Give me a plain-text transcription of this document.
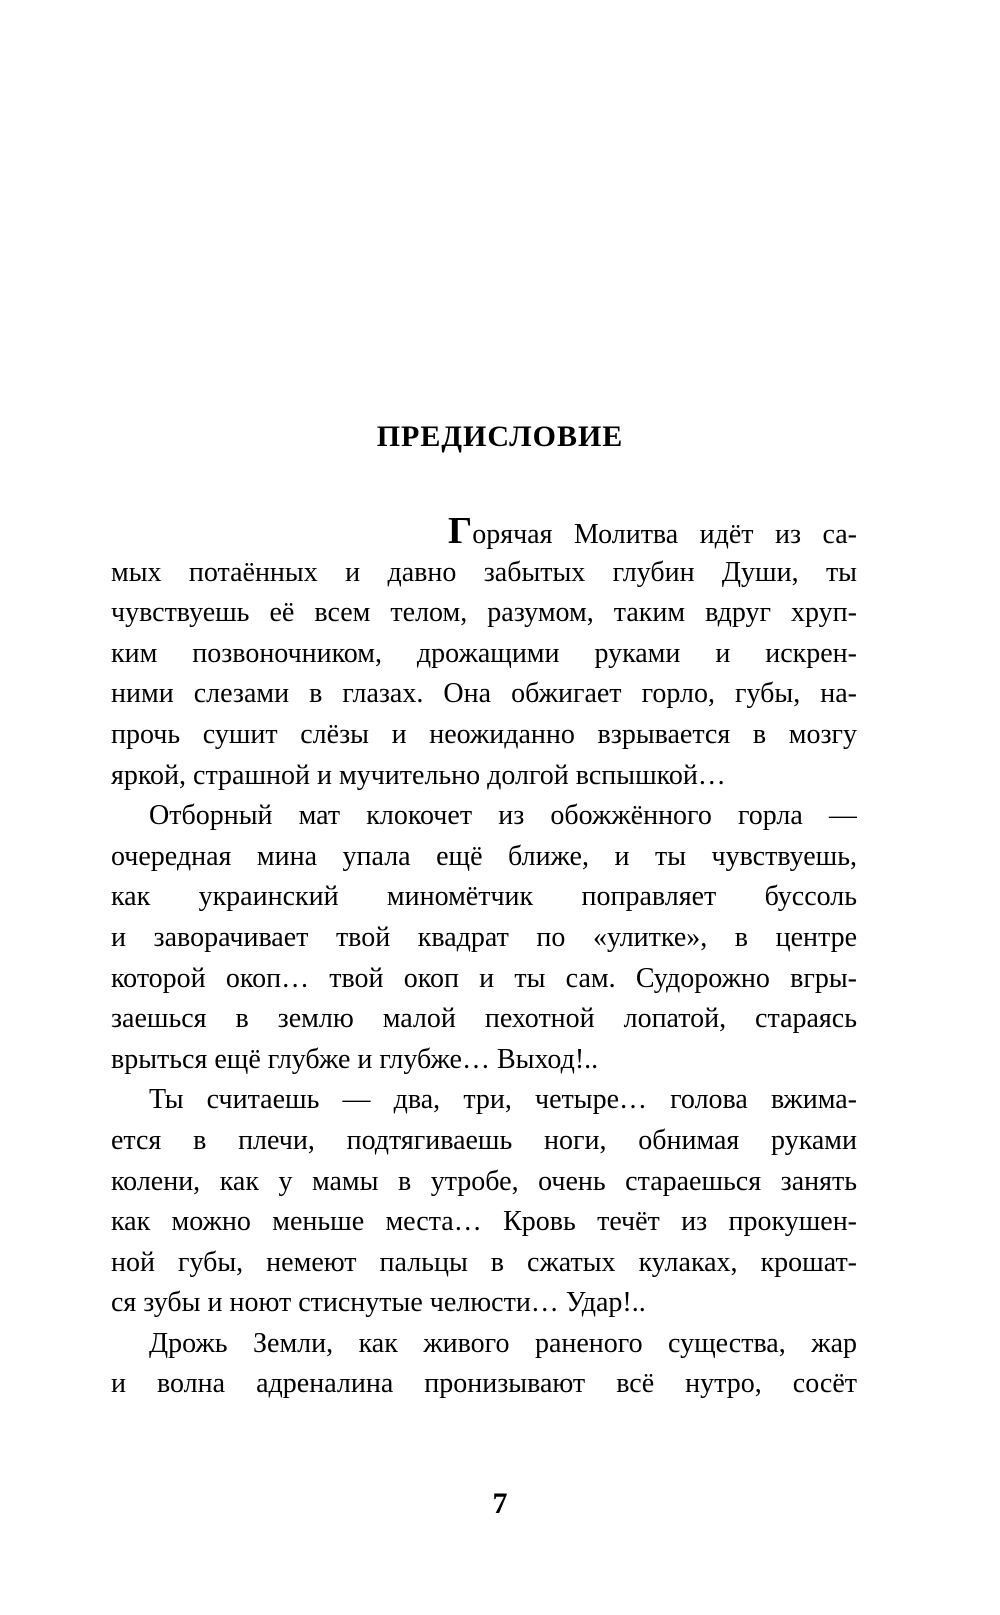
ПРЕДИСЛОВИЕ
Горячая Молитва идёт из са-
мых потаённых и давно забытых глубин Души, ты
чувствуешь её всем телом, разумом, таким вдруг хруп-
ким позвоночником, дрожащими руками и искрен-
ними слезами в глазах. Она обжигает горло, губы, на-
прочь сушит слёзы и неожиданно взрывается в мозгу
яркой, страшной и мучительно долгой вспышкой…
Отборный мат клокочет из обожжённого горла —
очередная мина упала ещё ближе, и ты чувствуешь,
как украинский миномётчик поправляет буссоль
и заворачивает твой квадрат по «улитке», в центре
которой окоп… твой окоп и ты сам. Судорожно вгры-
заешься в землю малой пехотной лопатой, стараясь
врыться ещё глубже и глубже… Выход!..
Ты считаешь — два, три, четыре… голова вжима-
ется в плечи, подтягиваешь ноги, обнимая руками
колени, как у мамы в утробе, очень стараешься занять
как можно меньше места… Кровь течёт из прокушен-
ной губы, немеют пальцы в сжатых кулаках, крошат-
ся зубы и ноют стиснутые челюсти… Удар!..
Дрожь Земли, как живого раненого существа, жар
и волна адреналина пронизывают всё нутро, сосёт
7
